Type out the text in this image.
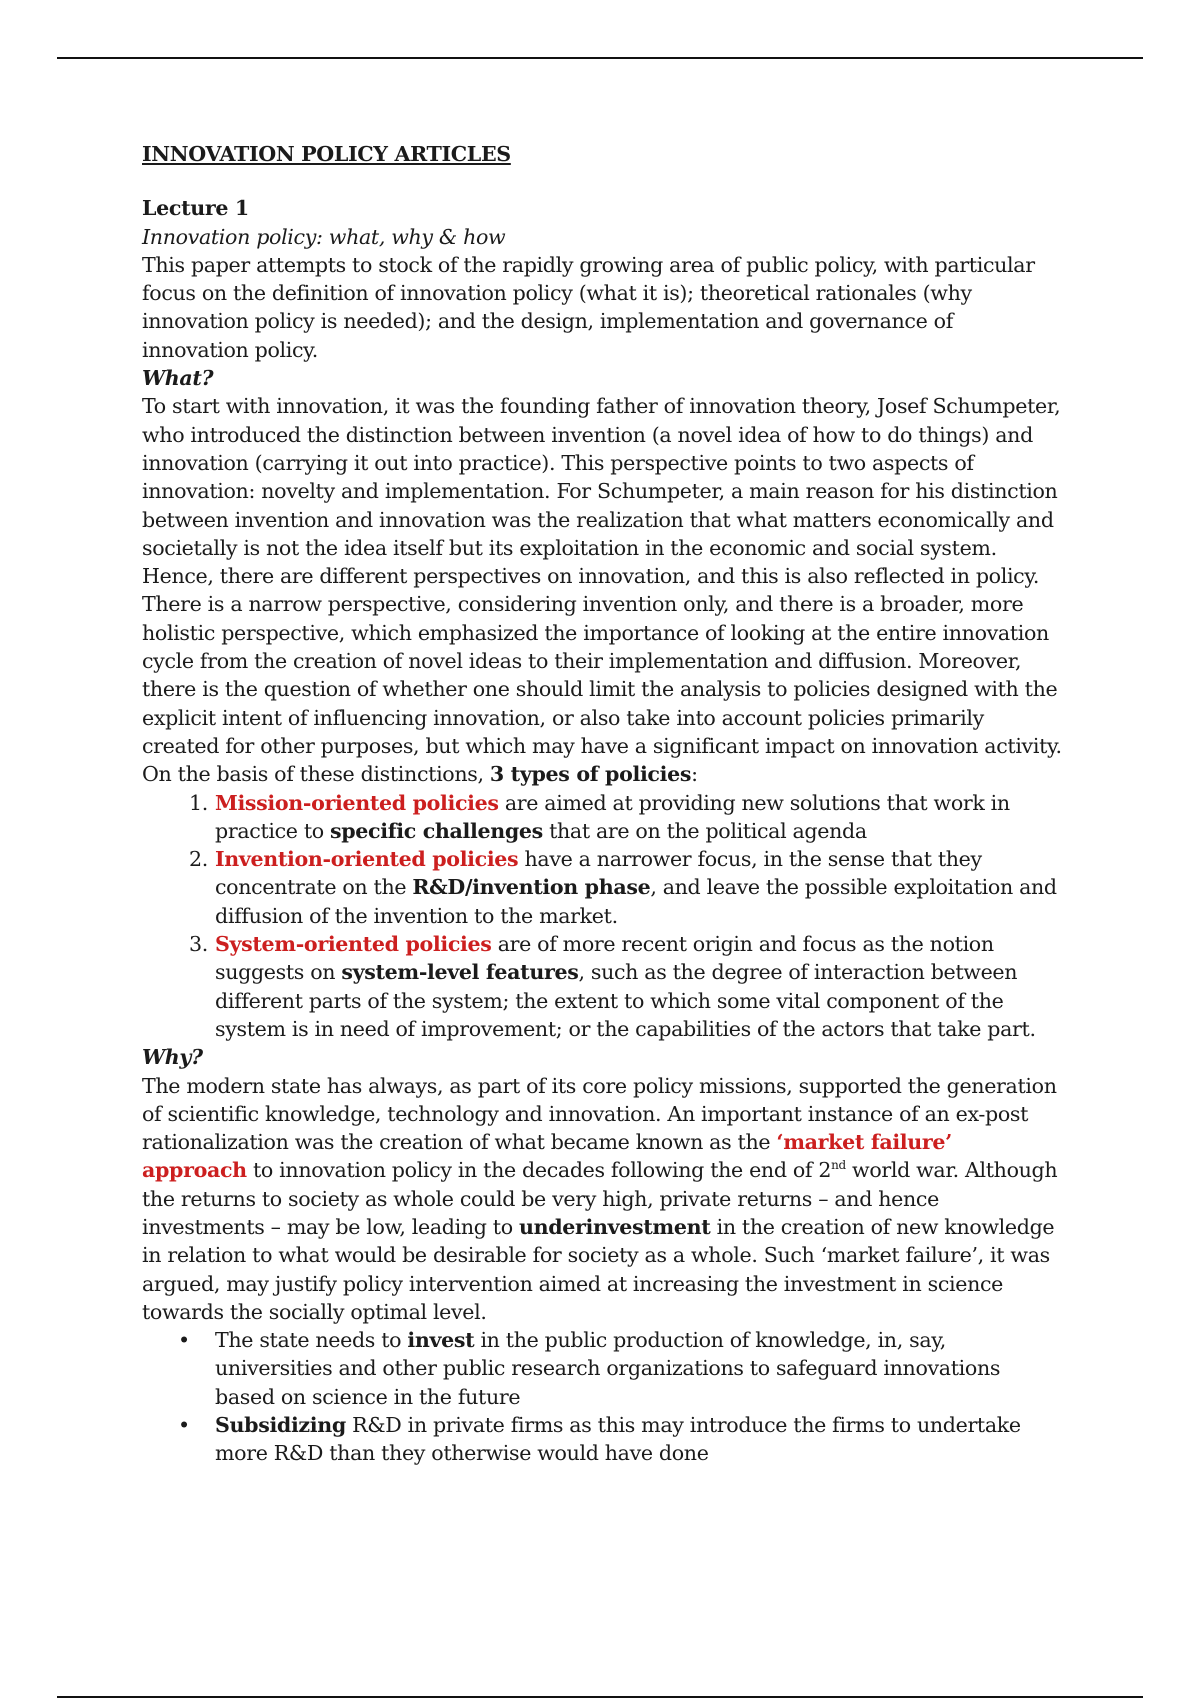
INNOVATION POLICY ARTICLES
Lecture 1
Innovation policy: what, why & how

This paper attempts to stock of the rapidly growing area of public policy, with particular focus on the definition of innovation policy (what it is); theoretical rationales (why innovation policy is needed); and the design, implementation and governance of innovation policy.

What?

To start with innovation, it was the founding father of innovation theory, Josef Schumpeter, who introduced the distinction between invention (a novel idea of how to do things) and innovation (carrying it out into practice). This perspective points to two aspects of innovation: novelty and implementation. For Schumpeter, a main reason for his distinction between invention and innovation was the realization that what matters economically and societally is not the idea itself but its exploitation in the economic and social system. Hence, there are different perspectives on innovation, and this is also reflected in policy. There is a narrow perspective, considering invention only, and there is a broader, more holistic perspective, which emphasized the importance of looking at the entire innovation cycle from the creation of novel ideas to their implementation and diffusion. Moreover, there is the question of whether one should limit the analysis to policies designed with the explicit intent of influencing innovation, or also take into account policies primarily created for other purposes, but which may have a significant impact on innovation activity. On the basis of these distinctions, 3 types of policies:

1. Mission-oriented policies are aimed at providing new solutions that work in practice to specific challenges that are on the political agenda
2. Invention-oriented policies have a narrower focus, in the sense that they concentrate on the R&D/invention phase, and leave the possible exploitation and diffusion of the invention to the market.
3. System-oriented policies are of more recent origin and focus as the notion suggests on system-level features, such as the degree of interaction between different parts of the system; the extent to which some vital component of the system is in need of improvement; or the capabilities of the actors that take part.
Why?

The modern state has always, as part of its core policy missions, supported the generation of scientific knowledge, technology and innovation. An important instance of an ex-post rationalization was the creation of what became known as the ‘market failure’ approach to innovation policy in the decades following the end of 2nd world war. Although the returns to society as whole could be very high, private returns – and hence investments – may be low, leading to underinvestment in the creation of new knowledge in relation to what would be desirable for society as a whole. Such ‘market failure’, it was argued, may justify policy intervention aimed at increasing the investment in science towards the socially optimal level.

•	The state needs to invest in the public production of knowledge, in, say, universities and other public research organizations to safeguard innovations based on science in the future
•	Subsidizing R&D in private firms as this may introduce the firms to undertake more R&D than they otherwise would have done
